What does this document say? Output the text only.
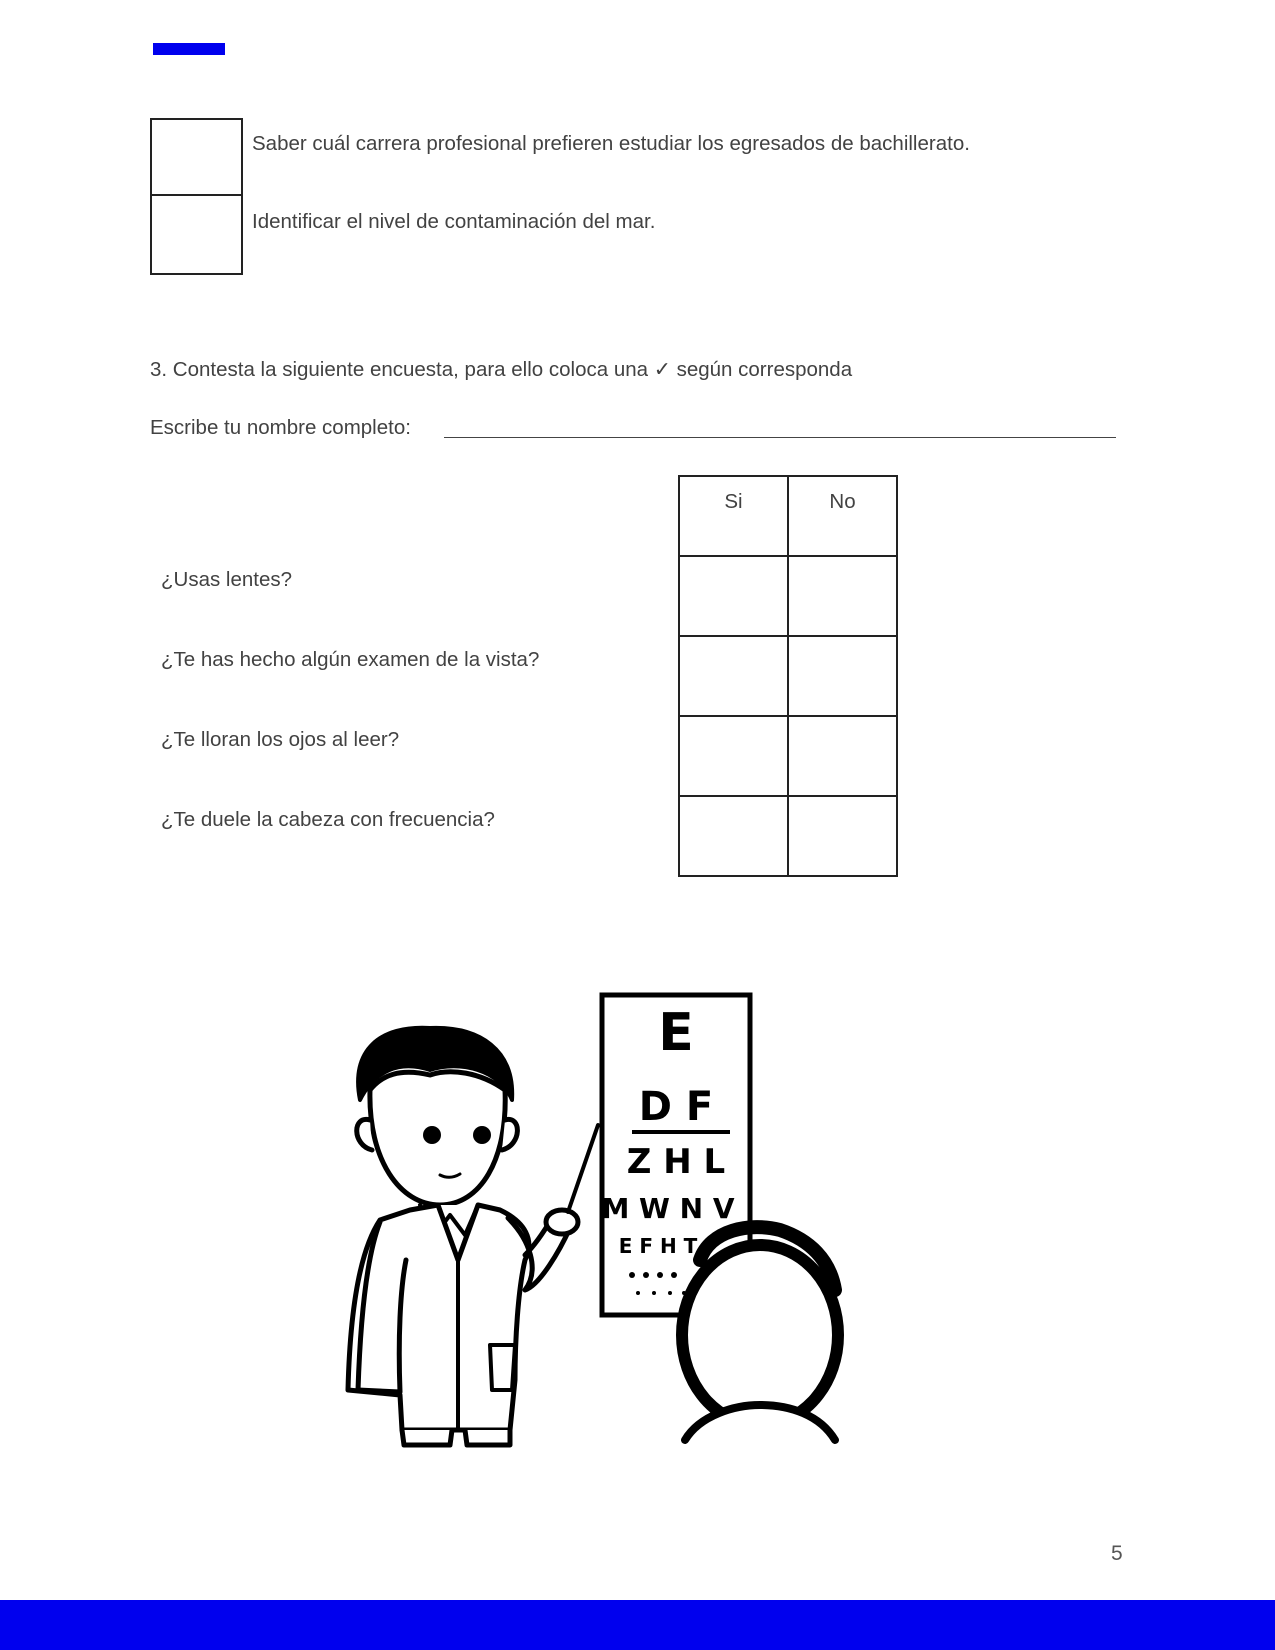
Saber cuál carrera profesional prefieren estudiar los egresados de bachillerato.
Identificar el nivel de contaminación del mar.
3. Contesta la siguiente encuesta, para ello coloca una ✓ según corresponda
Escribe tu nombre completo:
¿Usas lentes?
¿Te has hecho algún examen de la vista?
¿Te lloran los ojos al leer?
¿Te duele la cabeza con frecuencia?
Si	No

E
D F
Z H L
M W N V
E F H T
5
